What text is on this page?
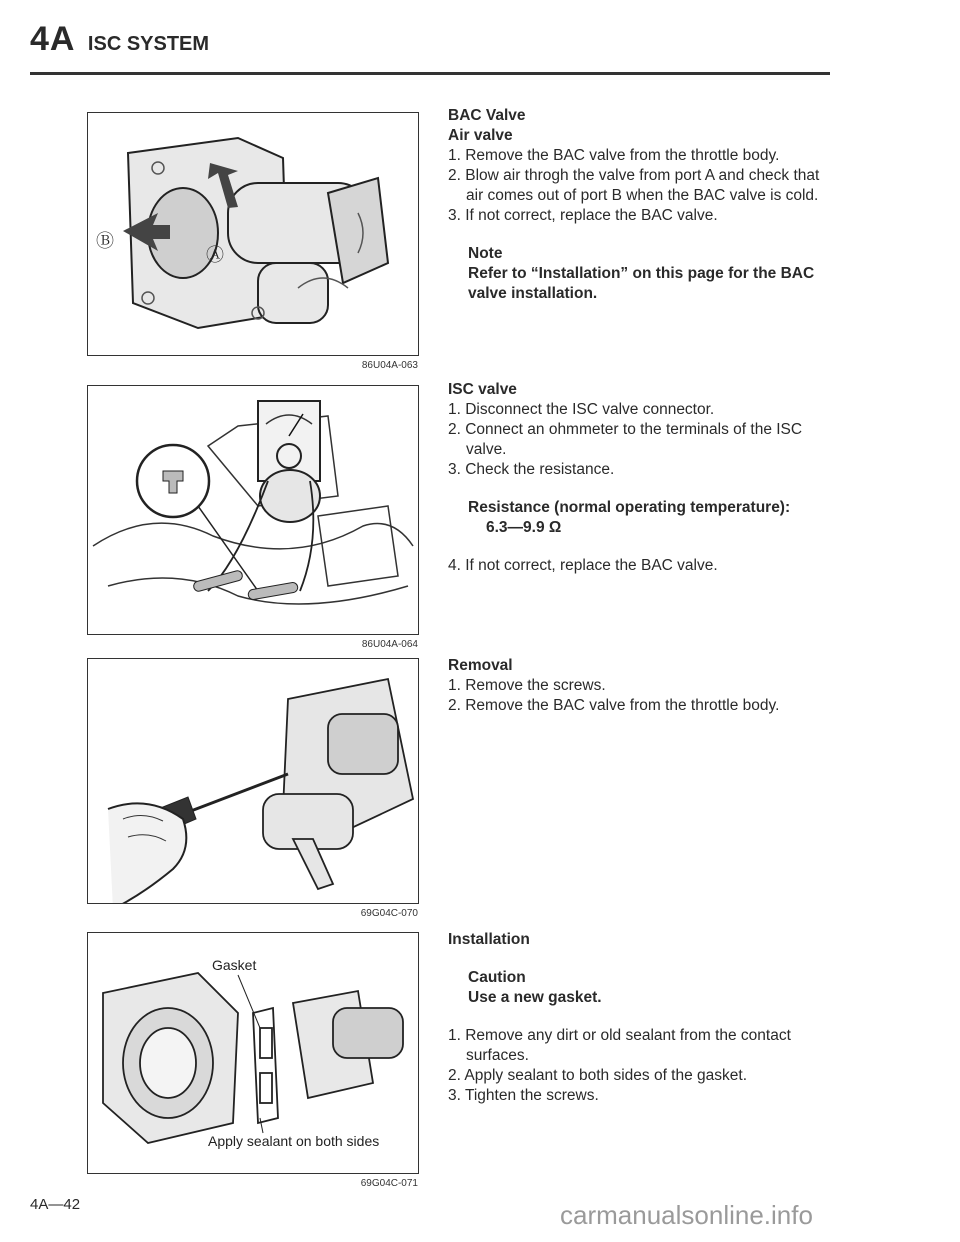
4A ISC SYSTEM
Ⓑ
Ⓐ
86U04A-063
86U04A-064
69G04C-070
Gasket
Apply sealant on both sides
69G04C-071
BAC Valve
Air valve
1. Remove the BAC valve from the throttle body.
2. Blow air throgh the valve from port A and check that air comes out of port B when the BAC valve is cold.
3. If not correct, replace the BAC valve.
Note
Refer to “Installation” on this page for the BAC valve installation.
ISC valve
1. Disconnect the ISC valve connector.
2. Connect an ohmmeter to the terminals of the ISC valve.
3. Check the resistance.
Resistance (normal operating temperature):
6.3—9.9 Ω
4. If not correct, replace the BAC valve.
Removal
1. Remove the screws.
2. Remove the BAC valve from the throttle body.
Installation
Caution
Use a new gasket.
1. Remove any dirt or old sealant from the contact surfaces.
2. Apply sealant to both sides of the gasket.
3. Tighten the screws.
4A—42	carmanualsonline.info
